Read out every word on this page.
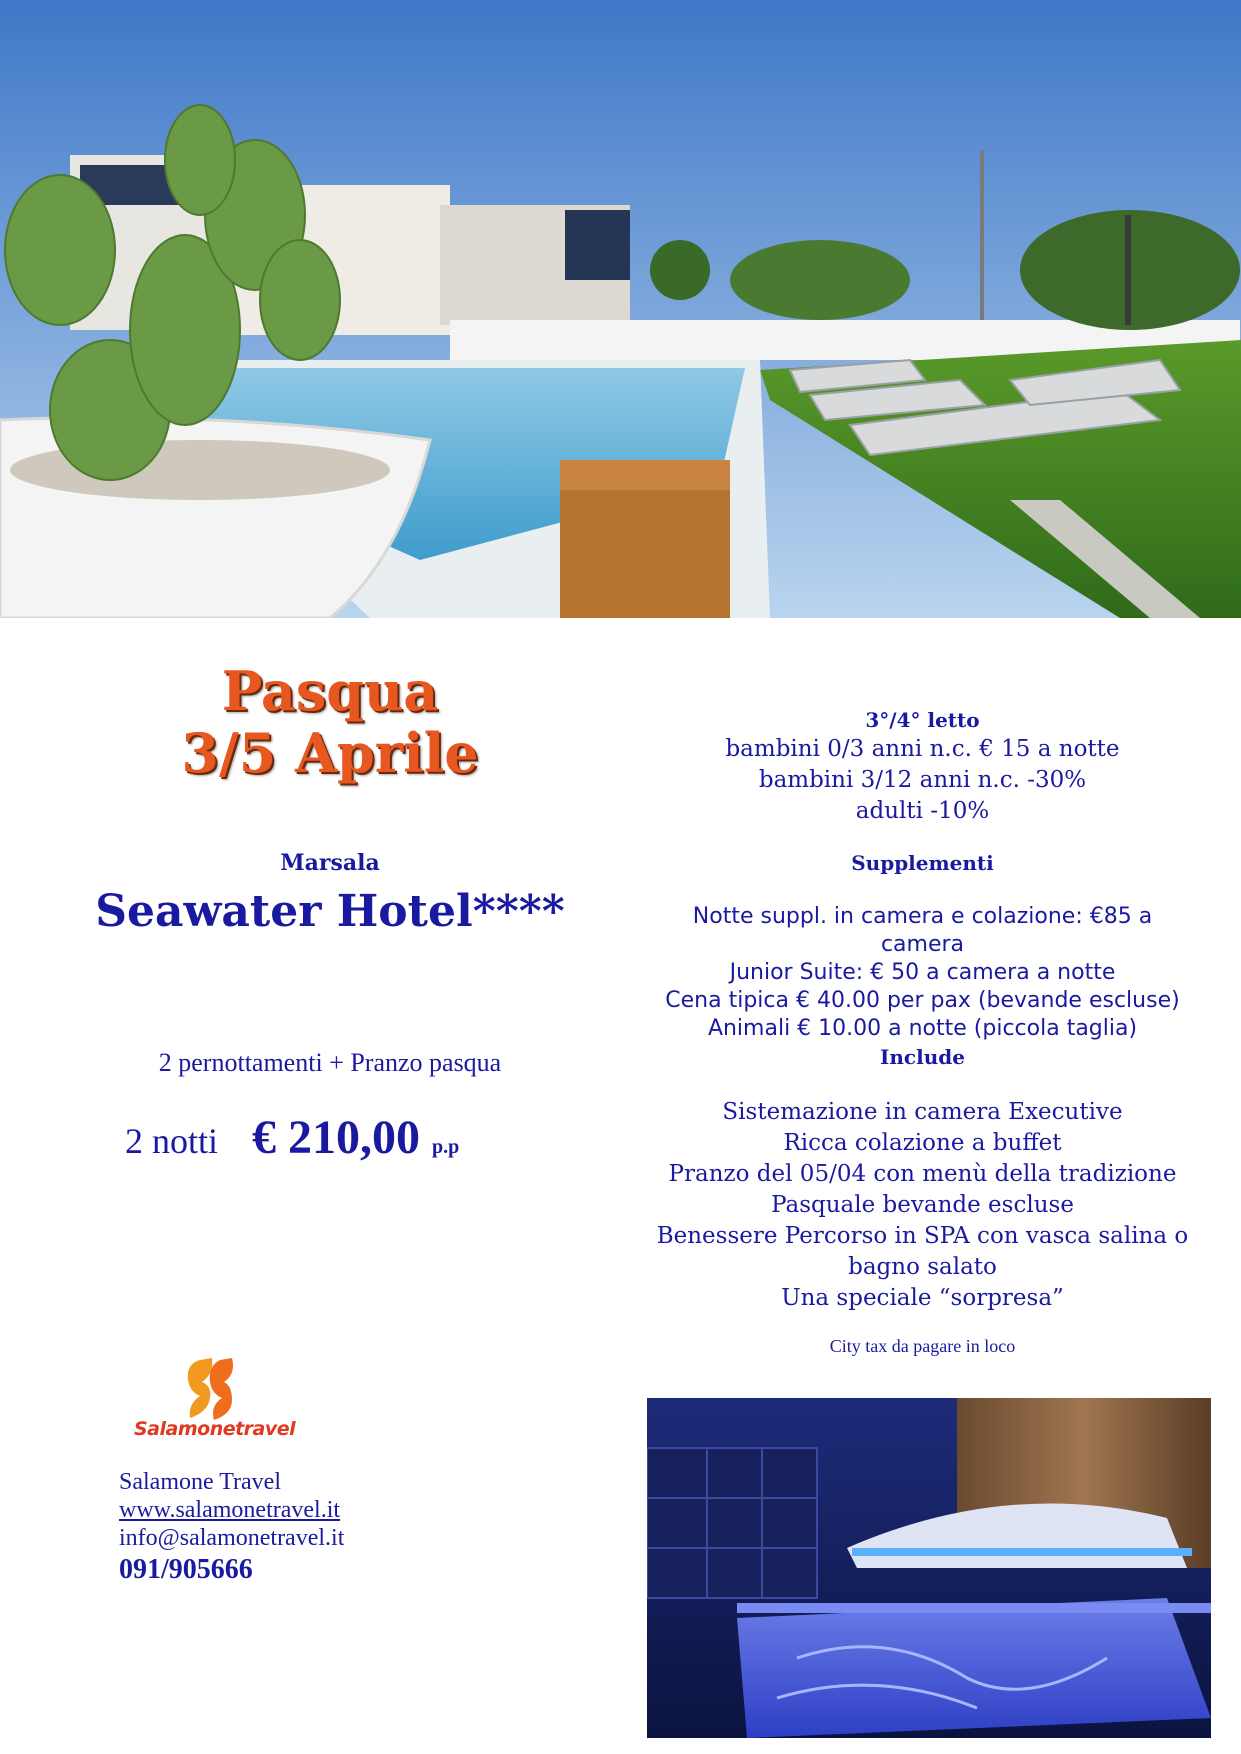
Pasqua
3/5 Aprile
Marsala
Seawater Hotel****
2 pernottamenti + Pranzo pasqua
2 notti € 210,00 p.p
3°/4° letto
bambini 0/3 anni n.c. € 15 a notte
bambini 3/12 anni n.c. -30%
adulti -10%
Supplementi
Notte suppl. in camera e colazione: €85 a
camera
Junior Suite: € 50 a camera a notte
Cena tipica € 40.00 per pax (bevande escluse)
Animali € 10.00 a notte (piccola taglia)
Include
Sistemazione in camera Executive
Ricca colazione a buffet
Pranzo del 05/04 con menù della tradizione
Pasquale bevande escluse
Benessere Percorso in SPA con vasca salina o
bagno salato
Una speciale “sorpresa”
City tax da pagare in loco
Salamonetravel
Salamone Travel
www.salamonetravel.it
info@salamonetravel.it
091/905666
